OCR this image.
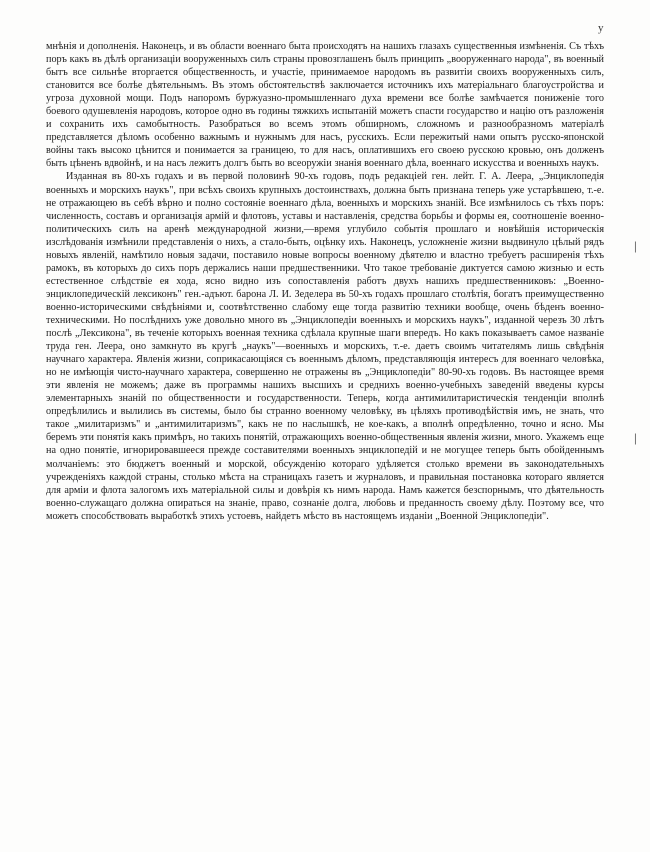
у

мнѣнія и дополненія. Наконецъ, и въ области военнаго быта происходятъ на нашихъ глазахъ существенныя измѣненія. Съ тѣхъ поръ какъ въ дѣлѣ организаціи вооруженныхъ силъ страны провозглашенъ былъ принципъ „вооруженнаго народа", въ военный бытъ все сильнѣе вторгается общественность, и участіе, принимаемое народомъ въ развитіи своихъ вооруженныхъ силъ, становится все болѣе дѣятельнымъ. Въ этомъ обстоятельствѣ заключается источникъ ихъ матеріальнаго благоустройства и угроза духовной мощи. Подъ напоромъ буржуазно-промышленнаго духа времени все болѣе замѣчается пониженіе того боевого одушевленія народовъ, которое одно въ годины тяжкихъ испытаній можетъ спасти государство и націю отъ разложенія и сохранить ихъ самобытность. Разобраться во всемъ этомъ обширномъ, сложномъ и разнообразномъ матеріалѣ представляется дѣломъ особенно важнымъ и нужнымъ для насъ, русскихъ. Если пережитый нами опытъ русско-японской войны такъ высоко цѣнится и понимается за границею, то для насъ, оплатившихъ его своею русскою кровью, онъ долженъ быть цѣненъ вдвойнѣ, и на насъ лежитъ долгъ быть во всеоружіи знанія военнаго дѣла, военнаго искусства и военныхъ наукъ.

Изданная въ 80-хъ годахъ и въ первой половинѣ 90-хъ годовъ, подъ редакціей ген. лейт. Г. А. Леера, „Энциклопедія военныхъ и морскихъ наукъ", при всѣхъ своихъ крупныхъ достоинствахъ, должна быть признана теперь уже устарѣвшею, т.-е. не отражающею въ себѣ вѣрно и полно состояніе военнаго дѣла, военныхъ и морскихъ знаній. Все измѣнилось съ тѣхъ поръ: численность, составъ и организація армій и флотовъ, уставы и наставленія, средства борьбы и формы ея, соотношеніе военно-политическихъ силъ на аренѣ международной жизни,—время углубило событія прошлаго и новѣйшія историческія изслѣдованія измѣнили представленія о нихъ, а стало-быть, оцѣнку ихъ. Наконецъ, усложненіе жизни выдвинуло цѣлый рядъ новыхъ явленій, намѣтило новыя задачи, поставило новые вопросы военному дѣятелю и властно требуетъ расширенія тѣхъ рамокъ, въ которыхъ до сихъ поръ держались наши предшественники. Что такое требованіе диктуется самою жизнью и есть естественное слѣдствіе ея хода, ясно видно изъ сопоставленія работъ двухъ нашихъ предшественниковъ: „Военно-энциклопедическій лексиконъ" ген.-адъют. барона Л. И. Зеделера въ 50-хъ годахъ прошлаго столѣтія, богатъ преимущественно военно-историческими свѣдѣніями и, соотвѣтственно слабому еще тогда развитію техники вообще, очень бѣденъ военно-техническими. Но послѣднихъ уже довольно много въ „Энциклопедіи военныхъ и морскихъ наукъ", изданной черезъ 30 лѣтъ послѣ „Лексикона", въ теченіе которыхъ военная техника сдѣлала крупные шаги впередъ. Но какъ показываетъ самое названіе труда ген. Леера, оно замкнуто въ кругѣ „наукъ"—военныхъ и морскихъ, т.-е. даетъ своимъ читателямъ лишь свѣдѣнія научнаго характера. Явленія жизни, соприкасающіяся съ военнымъ дѣломъ, представляющія интересъ для военнаго человѣка, но не имѣющія чисто-научнаго характера, совершенно не отражены въ „Энциклопедіи" 80-90-хъ годовъ. Въ настоящее время эти явленія не можемъ; даже въ программы нашихъ высшихъ и среднихъ военно-учебныхъ заведеній введены курсы элементарныхъ знаній по общественности и государственности. Теперь, когда антимилитаристическія тенденціи вполнѣ опредѣлились и вылились въ системы, было бы странно военному человѣку, въ цѣляхъ противодѣйствія имъ, не знать, что такое „милитаризмъ" и „антимилитаризмъ", какъ не по наслышкѣ, не кое-какъ, а вполнѣ опредѣленно, точно и ясно. Мы беремъ эти понятія какъ примѣръ, но такихъ понятій, отражающихъ военно-общественныя явленія жизни, много. Укажемъ еще на одно понятіе, игнорировавшееся прежде составителями военныхъ энциклопедій и не могущее теперь быть обойденнымъ молчаніемъ: это бюджетъ военный и морской, обсужденію котораго удѣляется столько времени въ законодательныхъ учрежденіяхъ каждой страны, столько мѣста на страницахъ газетъ и журналовъ, и правильная постановка котораго является для арміи и флота залогомъ ихъ матеріальной силы и довѣрія къ нимъ народа. Намъ кажется безспорнымъ, что дѣятельность военно-служащаго должна опираться на знаніе, право, сознаніе долга, любовь и преданность своему дѣлу. Поэтому все, что можетъ способствовать выработкѣ этихъ устоевъ, найдетъ мѣсто въ настоящемъ изданіи „Военной Энциклопедіи".

|
|
